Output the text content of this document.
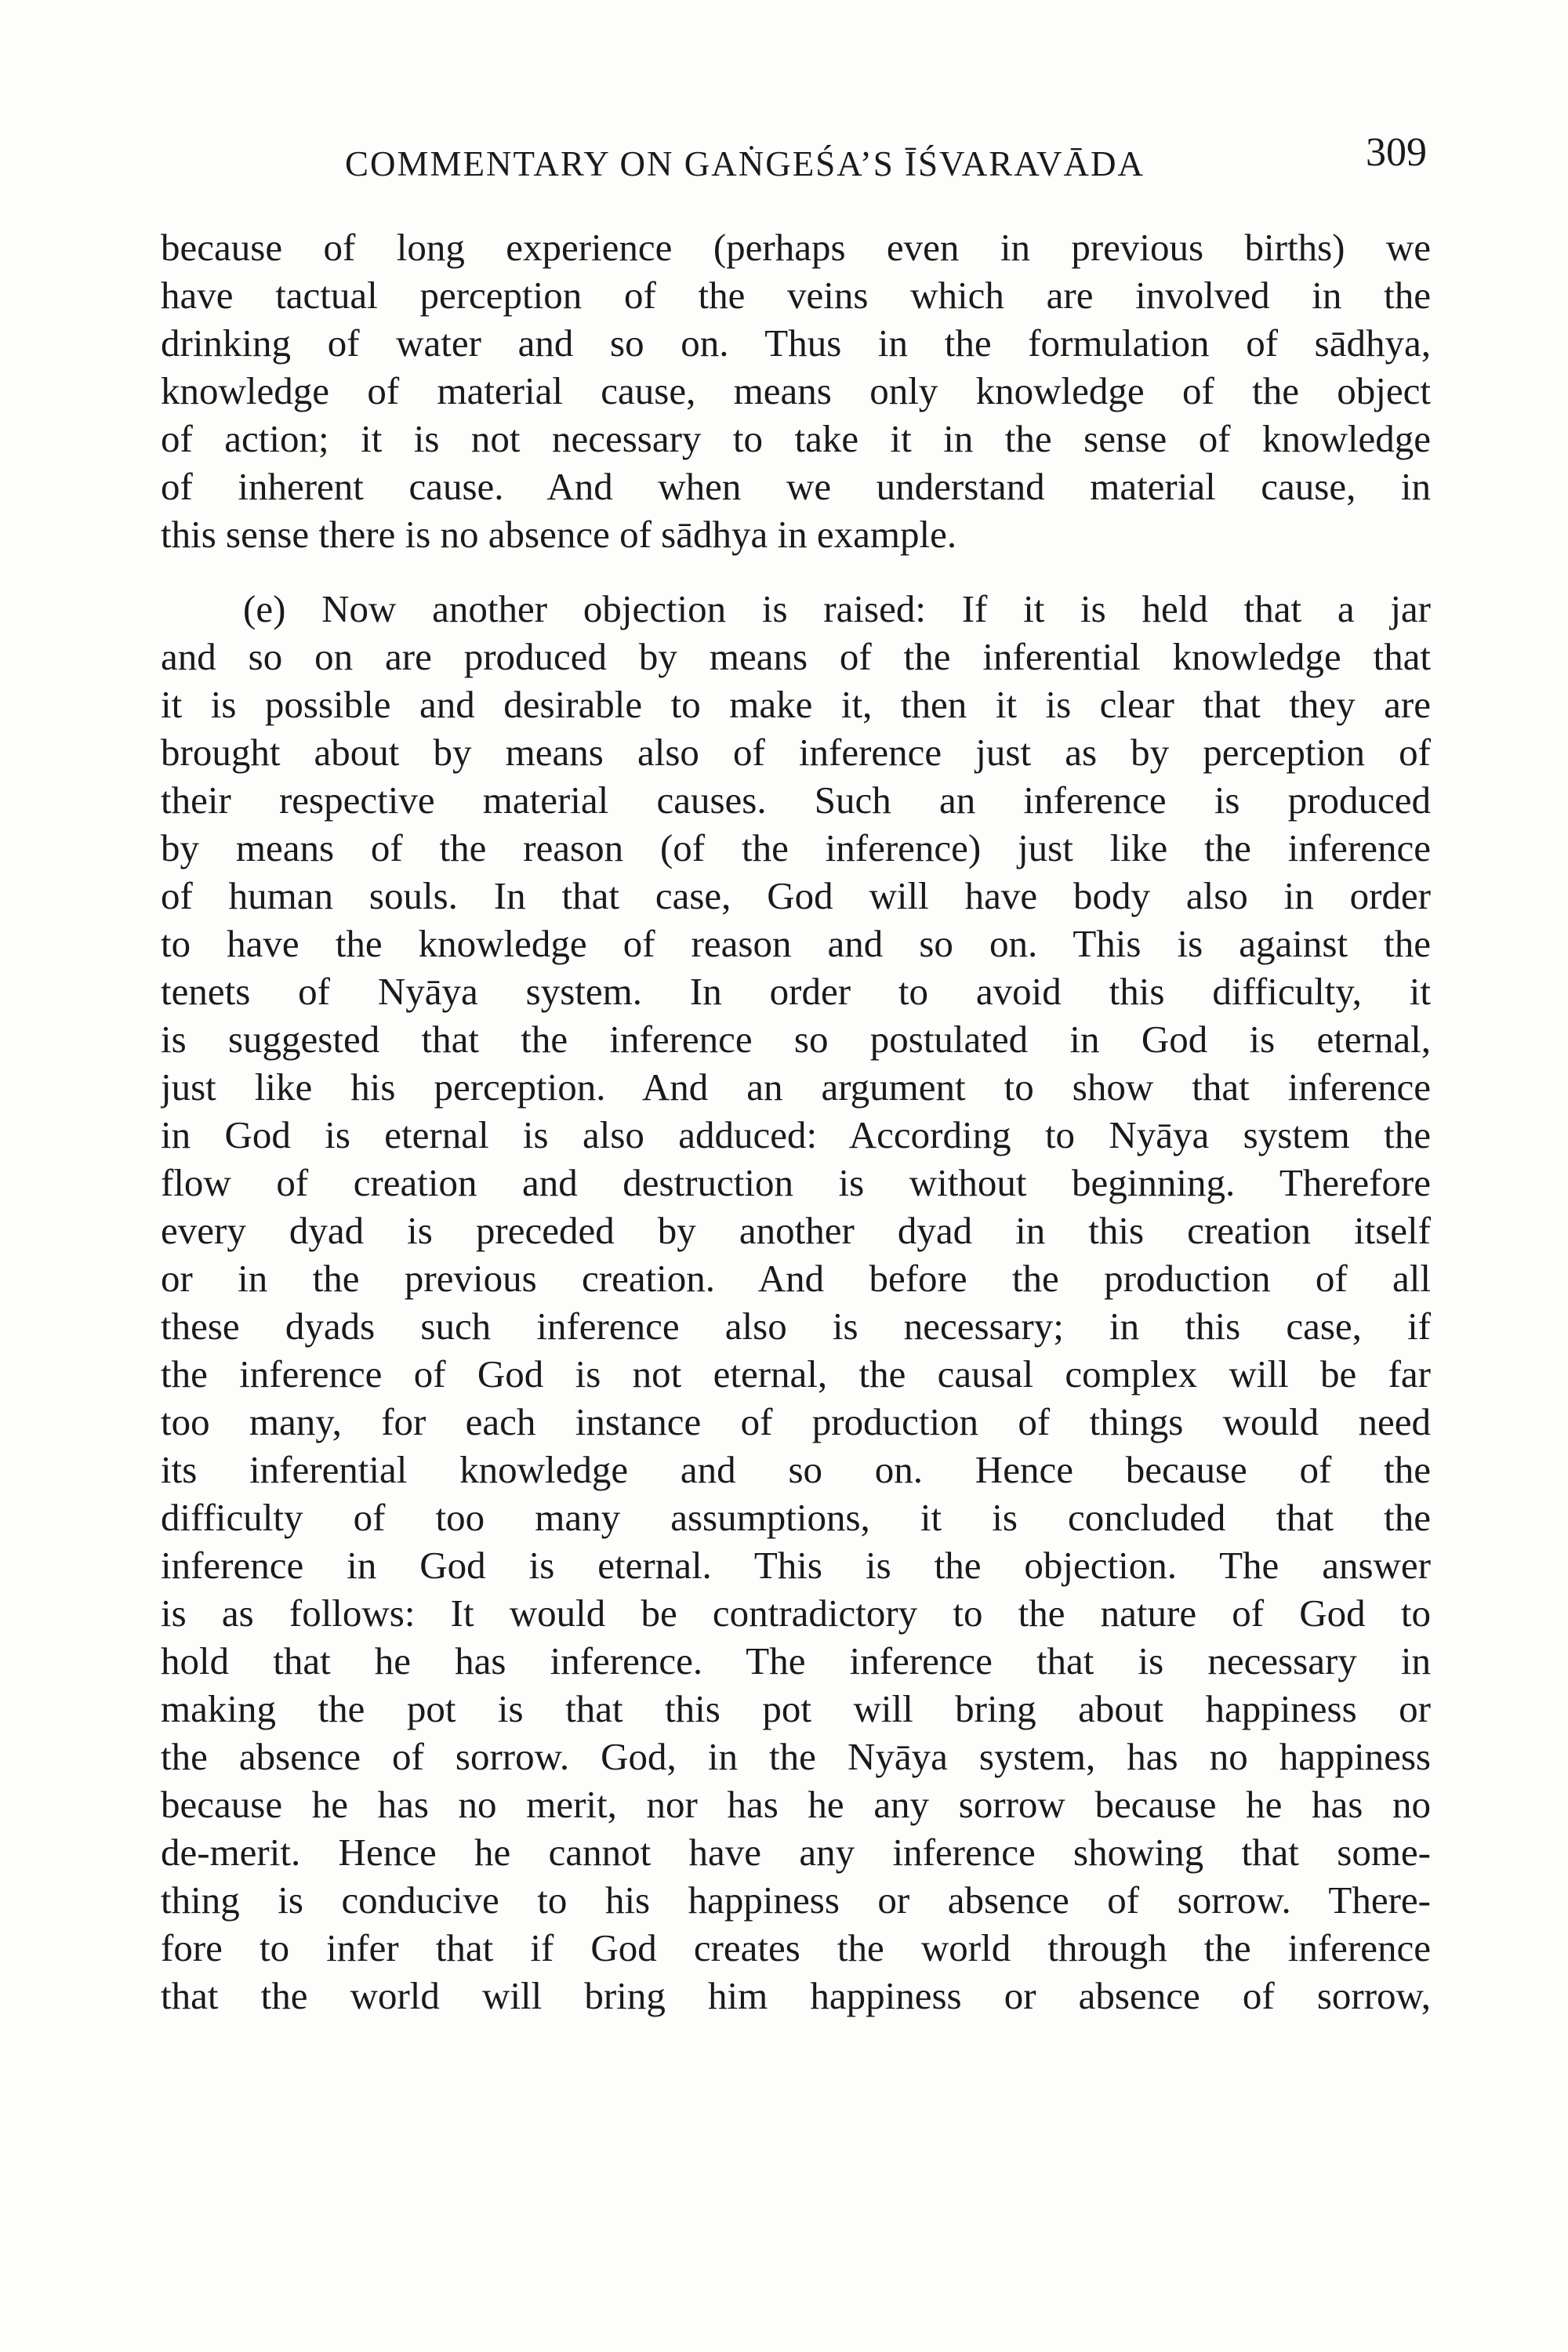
COMMENTARY ON GAṄGEŚA’S ĪŚVARAVĀDA	309
because of long experience (perhaps even in previous births) we
have tactual perception of the veins which are involved in the
drinking of water and so on. Thus in the formulation of sādhya,
knowledge of material cause, means only knowledge of the object
of action; it is not necessary to take it in the sense of knowledge
of inherent cause. And when we understand material cause, in
this sense there is no absence of sādhya in example.
(e) Now another objection is raised: If it is held that a jar
and so on are produced by means of the inferential knowledge that
it is possible and desirable to make it, then it is clear that they are
brought about by means also of inference just as by perception of
their respective material causes. Such an inference is produced
by means of the reason (of the inference) just like the inference
of human souls. In that case, God will have body also in order
to have the knowledge of reason and so on. This is against the
tenets of Nyāya system. In order to avoid this difficulty, it
is suggested that the inference so postulated in God is eternal,
just like his perception. And an argument to show that inference
in God is eternal is also adduced: According to Nyāya system the
flow of creation and destruction is without beginning. Therefore
every dyad is preceded by another dyad in this creation itself
or in the previous creation. And before the production of all
these dyads such inference also is necessary; in this case, if
the inference of God is not eternal, the causal complex will be far
too many, for each instance of production of things would need
its inferential knowledge and so on. Hence because of the
difficulty of too many assumptions, it is concluded that the
inference in God is eternal. This is the objection. The answer
is as follows: It would be contradictory to the nature of God to
hold that he has inference. The inference that is necessary in
making the pot is that this pot will bring about happiness or
the absence of sorrow. God, in the Nyāya system, has no happiness
because he has no merit, nor has he any sorrow because he has no
de-merit. Hence he cannot have any inference showing that some-
thing is conducive to his happiness or absence of sorrow. There-
fore to infer that if God creates the world through the inference
that the world will bring him happiness or absence of sorrow,
